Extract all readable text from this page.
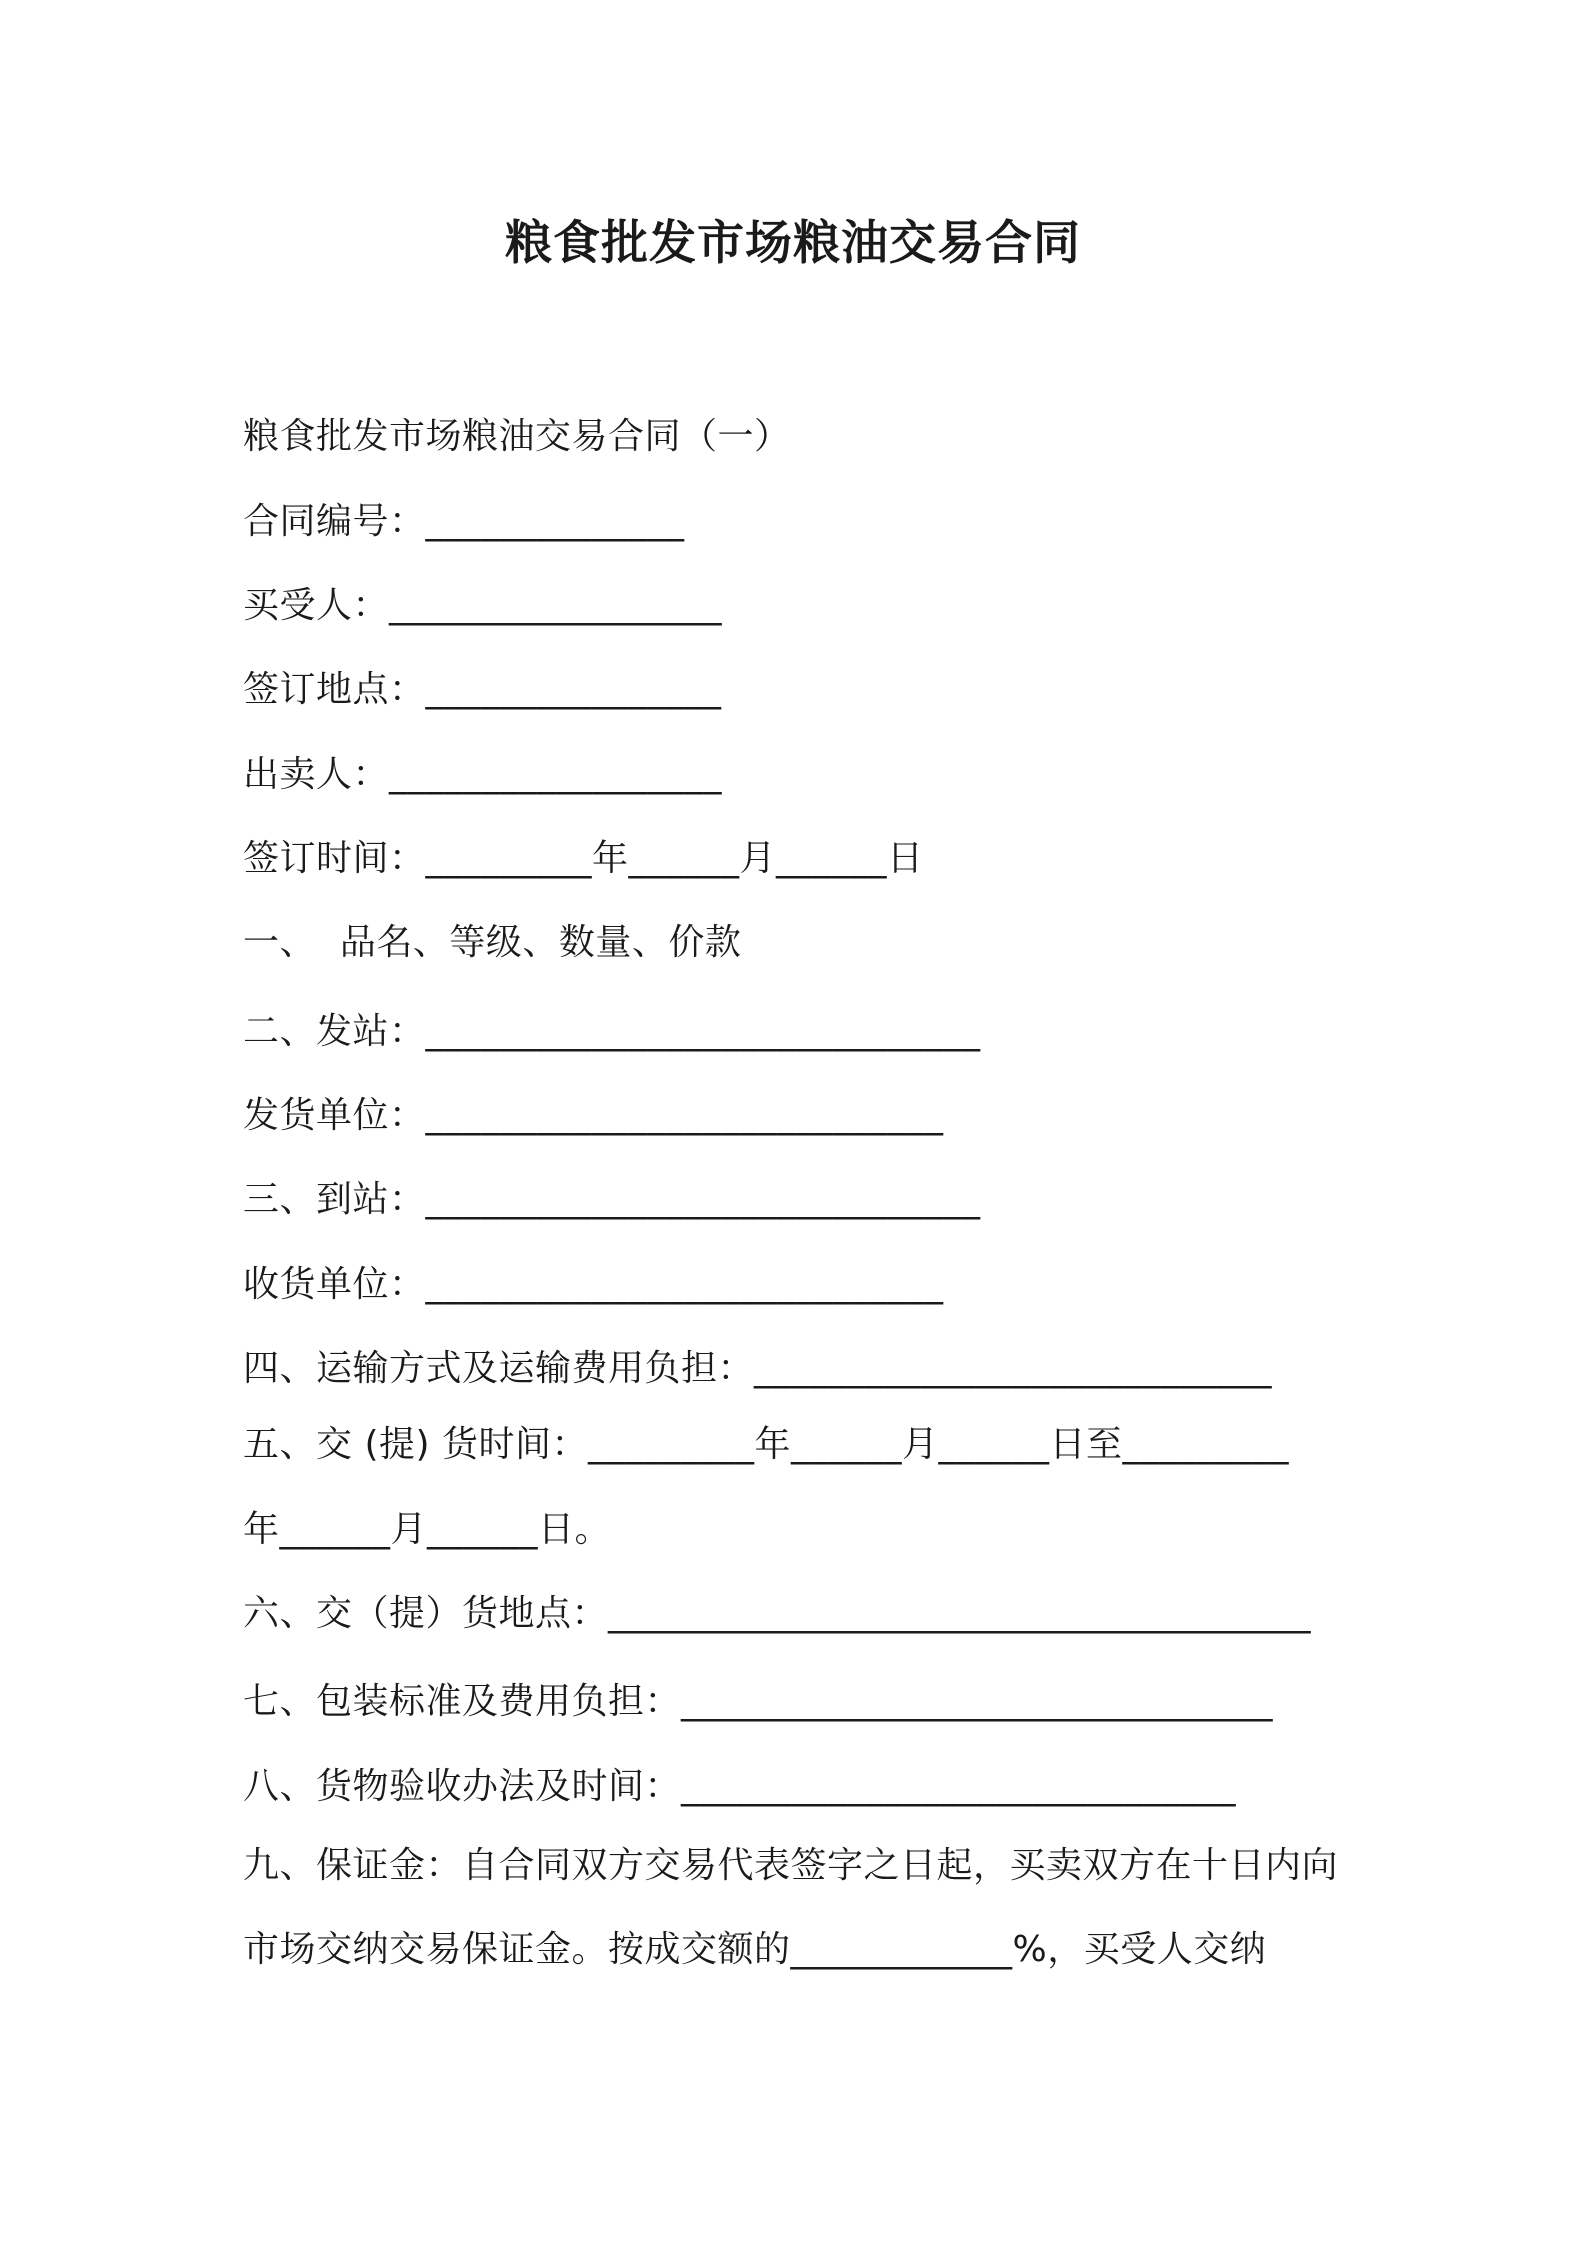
粮食批发市场粮油交易合同
粮食批发市场粮油交易合同（一）
合同编号：______________
买受人：__________________
签订地点：________________
出卖人：__________________
签订时间：_________年______月______日
一、  品名、等级、数量、价款
二、发站：______________________________
发货单位：____________________________
三、到站：______________________________
收货单位：____________________________
四、运输方式及运输费用负担：____________________________
五、交 (提) 货时间：_________年______月______日至_________
年______月______日。
六、交（提）货地点：______________________________________
七、包装标准及费用负担：________________________________
八、货物验收办法及时间：______________________________
九、保证金：自合同双方交易代表签字之日起，买卖双方在十日内向
市场交纳交易保证金。按成交额的____________%，买受人交纳
